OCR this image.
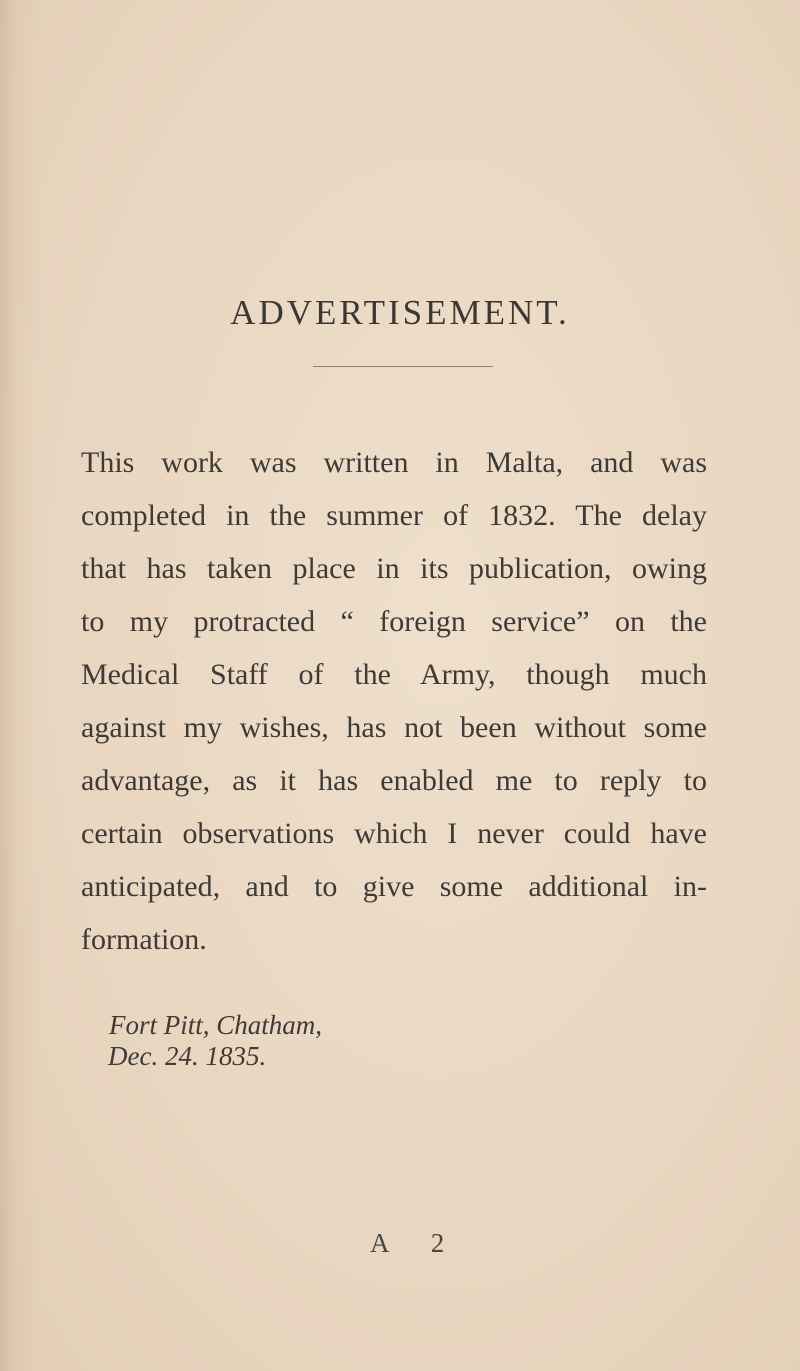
ADVERTISEMENT.
This work was written in Malta, and was
completed in the summer of 1832. The delay
that has taken place in its publication, owing
to my protracted “ foreign service” on the
Medical Staff of the Army, though much
against my wishes, has not been without some
advantage, as it has enabled me to reply to
certain observations which I never could have
anticipated, and to give some additional in-
formation.
Fort Pitt, Chatham,
Dec. 24. 1835.
A 2
